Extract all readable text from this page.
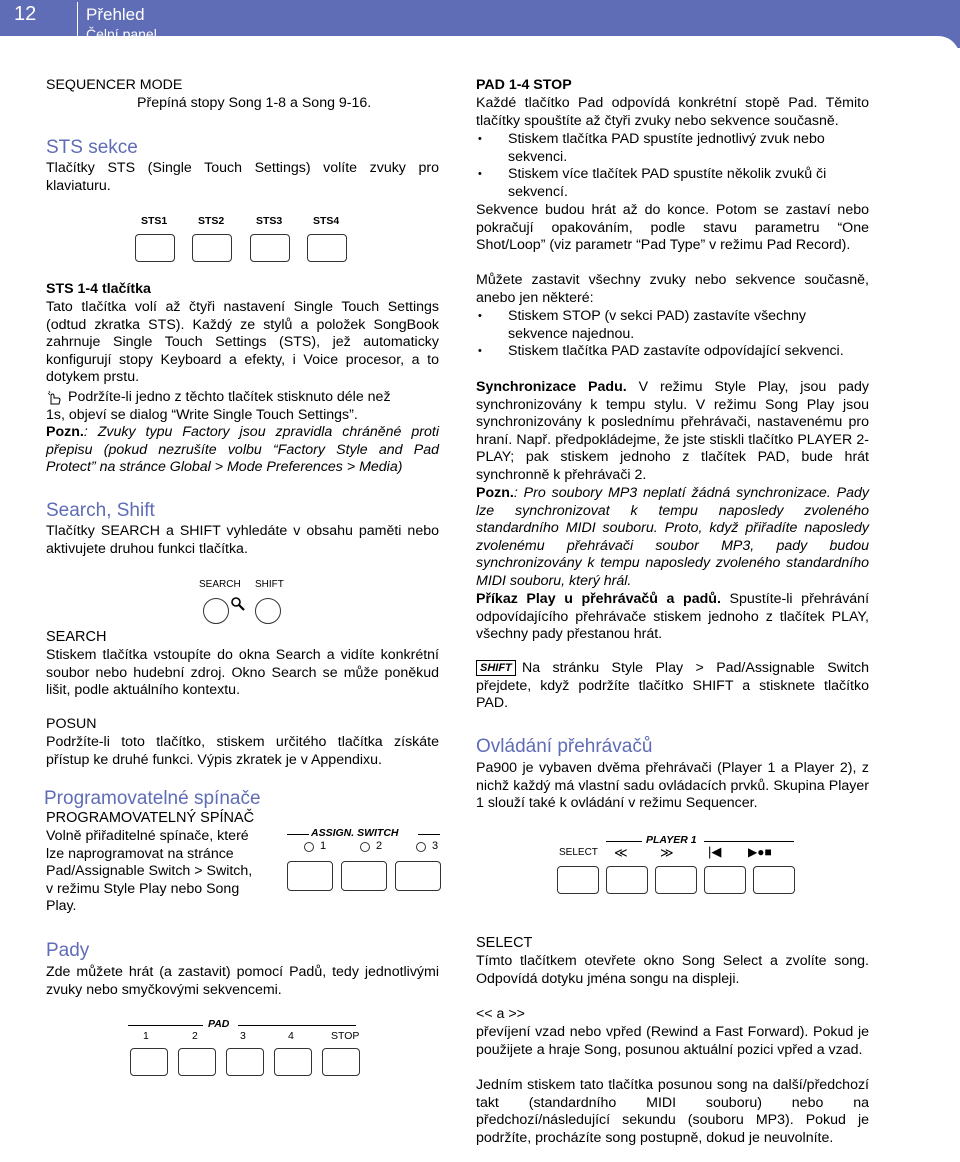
12	Přehled
Čelní panel
SEQUENCER MODE
Přepíná stopy Song 1-8 a Song 9-16.
STS sekce
Tlačítky STS (Single Touch Settings) volíte zvuky pro klaviaturu.
STS1	STS2	STS3	STS4
STS 1-4 tlačítka
Tato tlačítka volí až čtyři nastavení Single Touch Settings (odtud zkratka STS). Každý ze stylů a položek SongBook zahrnuje Single Touch Settings (STS), jež automaticky konfigurují stopy Keyboard a efekty, i Voice procesor, a to dotykem prstu.
Podržíte-li jedno z těchto tlačítek stisknuto déle než
1s, objeví se dialog “Write Single Touch Settings”.
Pozn.: Zvuky typu Factory jsou zpravidla chráněné proti přepisu (pokud nezrušíte volbu “Factory Style and Pad Protect” na stránce Global > Mode Preferences > Media)
Search, Shift
Tlačítky SEARCH a SHIFT vyhledáte v obsahu paměti nebo aktivujete druhou funkci tlačítka.
SEARCH SHIFT
SEARCH
Stiskem tlačítka vstoupíte do okna Search a vidíte konkrétní soubor nebo hudební zdroj. Okno Search se může poněkud lišit, podle aktuálního kontextu.
POSUN
Podržíte-li toto tlačítko, stiskem určitého tlačítka získáte přístup ke druhé funkci. Výpis zkratek je v Appendixu.
Programovatelné spínače
PROGRAMOVATELNÝ SPÍNAČ
Volně přiřaditelné spínače, které
lze naprogramovat na stránce
Pad/Assignable Switch > Switch,
v režimu Style Play nebo Song
Play.
ASSIGN. SWITCH
1	2	3
Pady
Zde můžete hrát (a zastavit) pomocí Padů, tedy jednotlivými zvuky nebo smyčkovými sekvencemi.
PAD
1	2	3	4	STOP
PAD 1-4 STOP
Každé tlačítko Pad odpovídá konkrétní stopě Pad. Těmito tlačítky spouštíte až čtyři zvuky nebo sekvence současně.
• Stiskem tlačítka PAD spustíte jednotlivý zvuk nebo sekvenci.
• Stiskem více tlačítek PAD spustíte několik zvuků či sekvencí.
Sekvence budou hrát až do konce. Potom se zastaví nebo pokračují opakováním, podle stavu parametru “One Shot/Loop” (viz parametr “Pad Type” v režimu Pad Record).
Můžete zastavit všechny zvuky nebo sekvence současně, anebo jen některé:
• Stiskem STOP (v sekci PAD) zastavíte všechny sekvence najednou.
• Stiskem tlačítka PAD zastavíte odpovídající sekvenci.
Synchronizace Padu. V režimu Style Play, jsou pady synchronizovány k tempu stylu. V režimu Song Play jsou synchronizovány k poslednímu přehrávači, nastavenému pro hraní. Např. předpokládejme, že jste stiskli tlačítko PLAYER 2-PLAY; pak stiskem jednoho z tlačítek PAD, bude hrát synchronně k přehrávači 2.
Pozn.: Pro soubory MP3 neplatí žádná synchronizace. Pady lze synchronizovat k tempu naposledy zvoleného standardního MIDI souboru. Proto, když přiřadíte naposledy zvolenému přehrávači soubor MP3, pady budou synchronizovány k tempu naposledy zvoleného standardního MIDI souboru, který hrál.
Příkaz Play u přehrávačů a padů. Spustíte-li přehrávání odpovídajícího přehrávače stiskem jednoho z tlačítek PLAY, všechny pady přestanou hrát.
SHIFT Na stránku Style Play > Pad/Assignable Switch přejdete, když podržíte tlačítko SHIFT a stisknete tlačítko PAD.
Ovládání přehrávačů
Pa900 je vybaven dvěma přehrávači (Player 1 a Player 2), z nichž každý má vlastní sadu ovládacích prvků. Skupina Player 1 slouží také k ovládání v režimu Sequencer.
PLAYER 1
SELECT ≪ ≫	|◀ ▶●■
SELECT
Tímto tlačítkem otevřete okno Song Select a zvolíte song. Odpovídá dotyku jména songu na displeji.
<< a >>
převíjení vzad nebo vpřed (Rewind a Fast Forward). Pokud je použijete a hraje Song, posunou aktuální pozici vpřed a vzad.
Jedním stiskem tato tlačítka posunou song na další/předchozí takt (standardního MIDI souboru) nebo na předchozí/následující sekundu (souboru MP3). Pokud je podržíte, procházíte song postupně, dokud je neuvolníte.
